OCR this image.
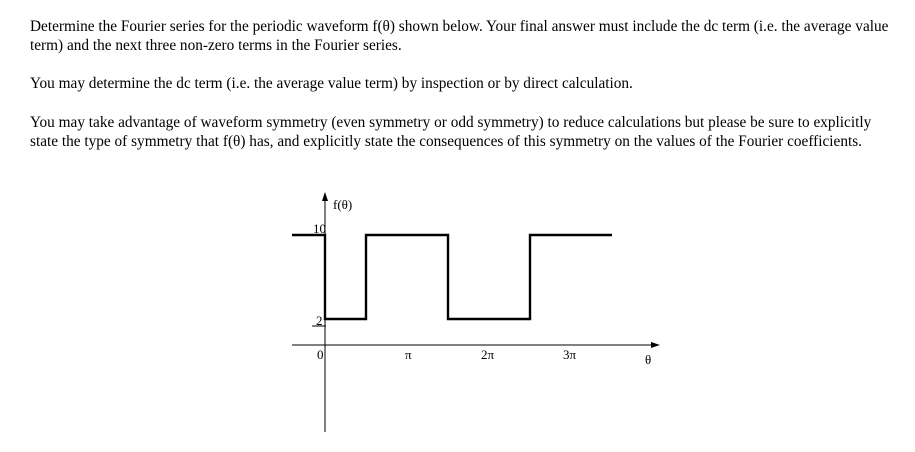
Determine the Fourier series for the periodic waveform f(θ) shown below. Your final answer must include the dc term (i.e. the average value term) and the next three non-zero terms in the Fourier series.

You may determine the dc term (i.e. the average value term) by inspection or by direct calculation.

You may take advantage of waveform symmetry (even symmetry or odd symmetry) to reduce calculations but please be sure to explicitly state the type of symmetry that f(θ) has, and explicitly state the consequences of this symmetry on the values of the Fourier coefficients.

f(θ)
θ
10
2
0	π	2π	3π
